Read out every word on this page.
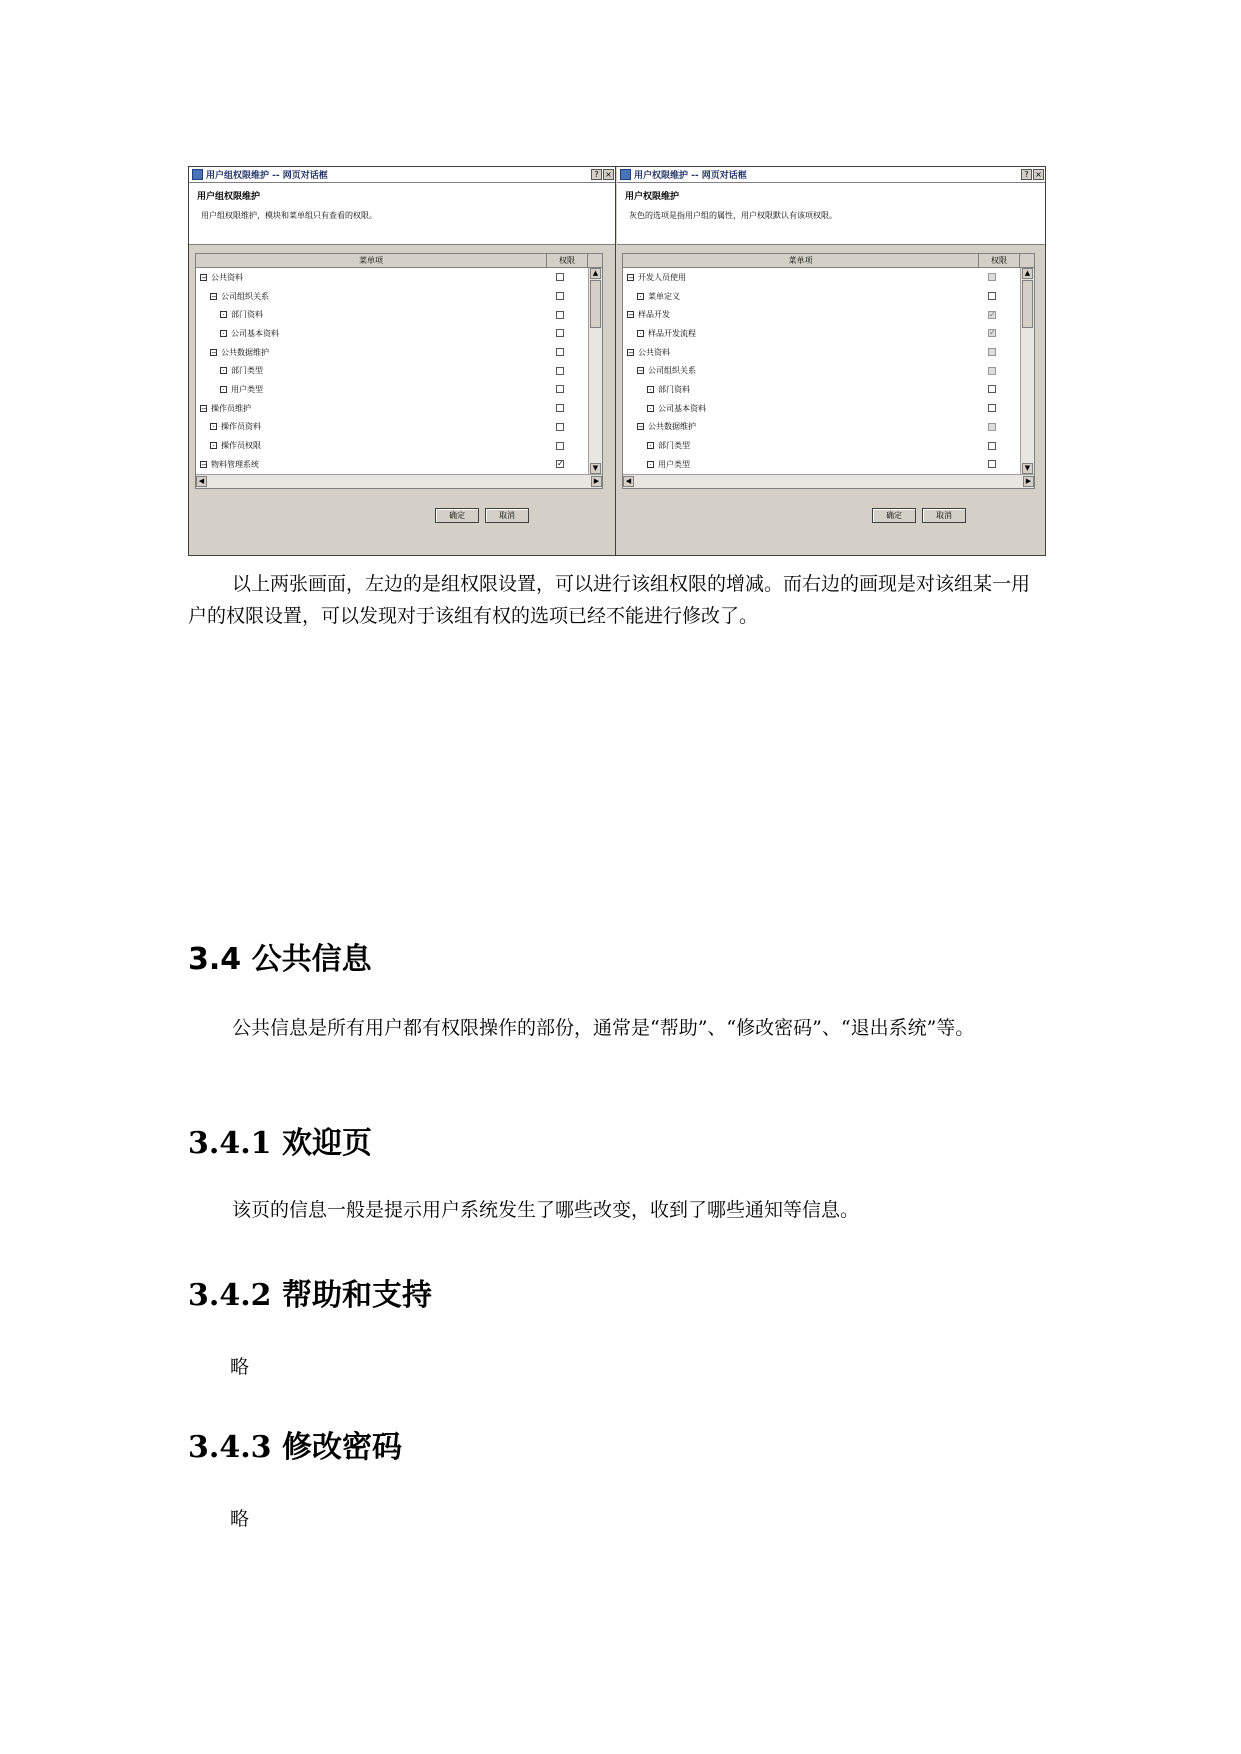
用户组权限维护 -- 网页对话框	? ×
用户组权限维护
用户组权限维护，模块和菜单组只有查看的权限。
菜单项	权限
− 公共资料
− 公司组织关系
· 部门资料
· 公司基本资料
− 公共数据维护
· 部门类型
· 用户类型
− 操作员维护
· 操作员资料
· 操作员权限
− 物料管理系统	✓
▲
▼
◀	▶
确定	取消
用户权限维护 -- 网页对话框	? ×
用户权限维护
灰色的选项是指用户组的属性，用户权限默认有该项权限。
菜单项	权限
− 开发人员使用
· 菜单定义
− 样品开发	✓
· 样品开发流程	✓
− 公共资料
− 公司组织关系
· 部门资料
· 公司基本资料
− 公共数据维护
· 部门类型
· 用户类型
▲
▼
◀	▶
确定	取消
以上两张画面，左边的是组权限设置，可以进行该组权限的增减。而右边的画现是对该组某一用户的权限设置，可以发现对于该组有权的选项已经不能进行修改了。
3.4 公共信息
公共信息是所有用户都有权限操作的部份，通常是“帮助”、“修改密码”、“退出系统”等。
3.4.1 欢迎页
该页的信息一般是提示用户系统发生了哪些改变，收到了哪些通知等信息。
3.4.2 帮助和支持
略
3.4.3 修改密码
略
